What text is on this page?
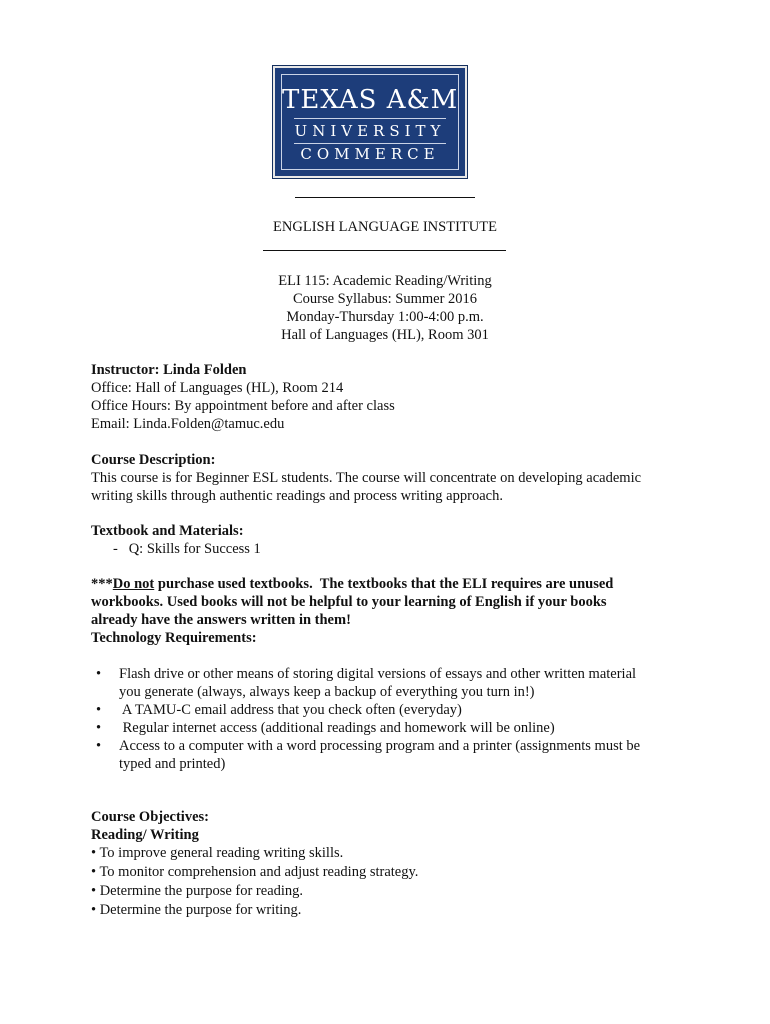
TEXAS A&M
UNIVERSITY
COMMERCE
ENGLISH LANGUAGE INSTITUTE
ELI 115: Academic Reading/Writing
Course Syllabus: Summer 2016
Monday-Thursday 1:00-4:00 p.m.
Hall of Languages (HL), Room 301
Instructor: Linda Folden
Office: Hall of Languages (HL), Room 214
Office Hours: By appointment before and after class
Email: Linda.Folden@tamuc.edu
Course Description:
This course is for Beginner ESL students. The course will concentrate on developing academic
writing skills through authentic readings and process writing approach.
Textbook and Materials:
-   Q: Skills for Success 1
***Do not purchase used textbooks.  The textbooks that the ELI requires are unused
workbooks. Used books will not be helpful to your learning of English if your books
already have the answers written in them!
Technology Requirements:
• Flash drive or other means of storing digital versions of essays and other written material
you generate (always, always keep a backup of everything you turn in!)
• A TAMU-C email address that you check often (everyday)
• Regular internet access (additional readings and homework will be online)
• Access to a computer with a word processing program and a printer (assignments must be
typed and printed)
Course Objectives:
Reading/ Writing
• To improve general reading writing skills.
• To monitor comprehension and adjust reading strategy.
• Determine the purpose for reading.
• Determine the purpose for writing.
